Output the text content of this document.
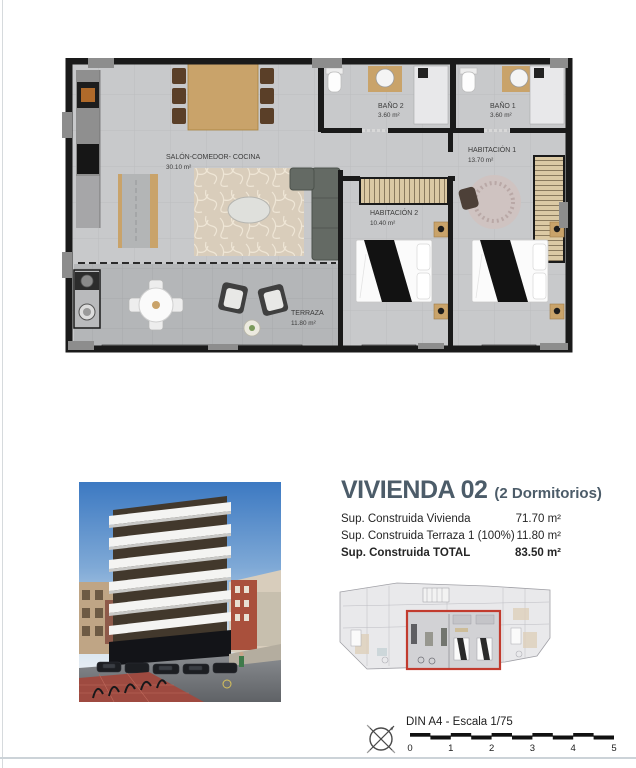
SALÓN-COMEDOR- COCINA
30.10 m²
BAÑO 2
3.60 m²
BAÑO 1
3.60 m²
HABITACIÓN 1
13.70 m²
HABITACIÓN 2
10.40 m²
TERRAZA
11.80 m²
VIVIENDA 02 (2 Dormitorios)
Sup. Construida Vivienda	71.70 m²
Sup. Construida Terraza 1 (100%) 11.80 m²
Sup. Construida TOTAL	83.50 m²
DIN A4 - Escala 1/75
0	1	2	3	4	5
